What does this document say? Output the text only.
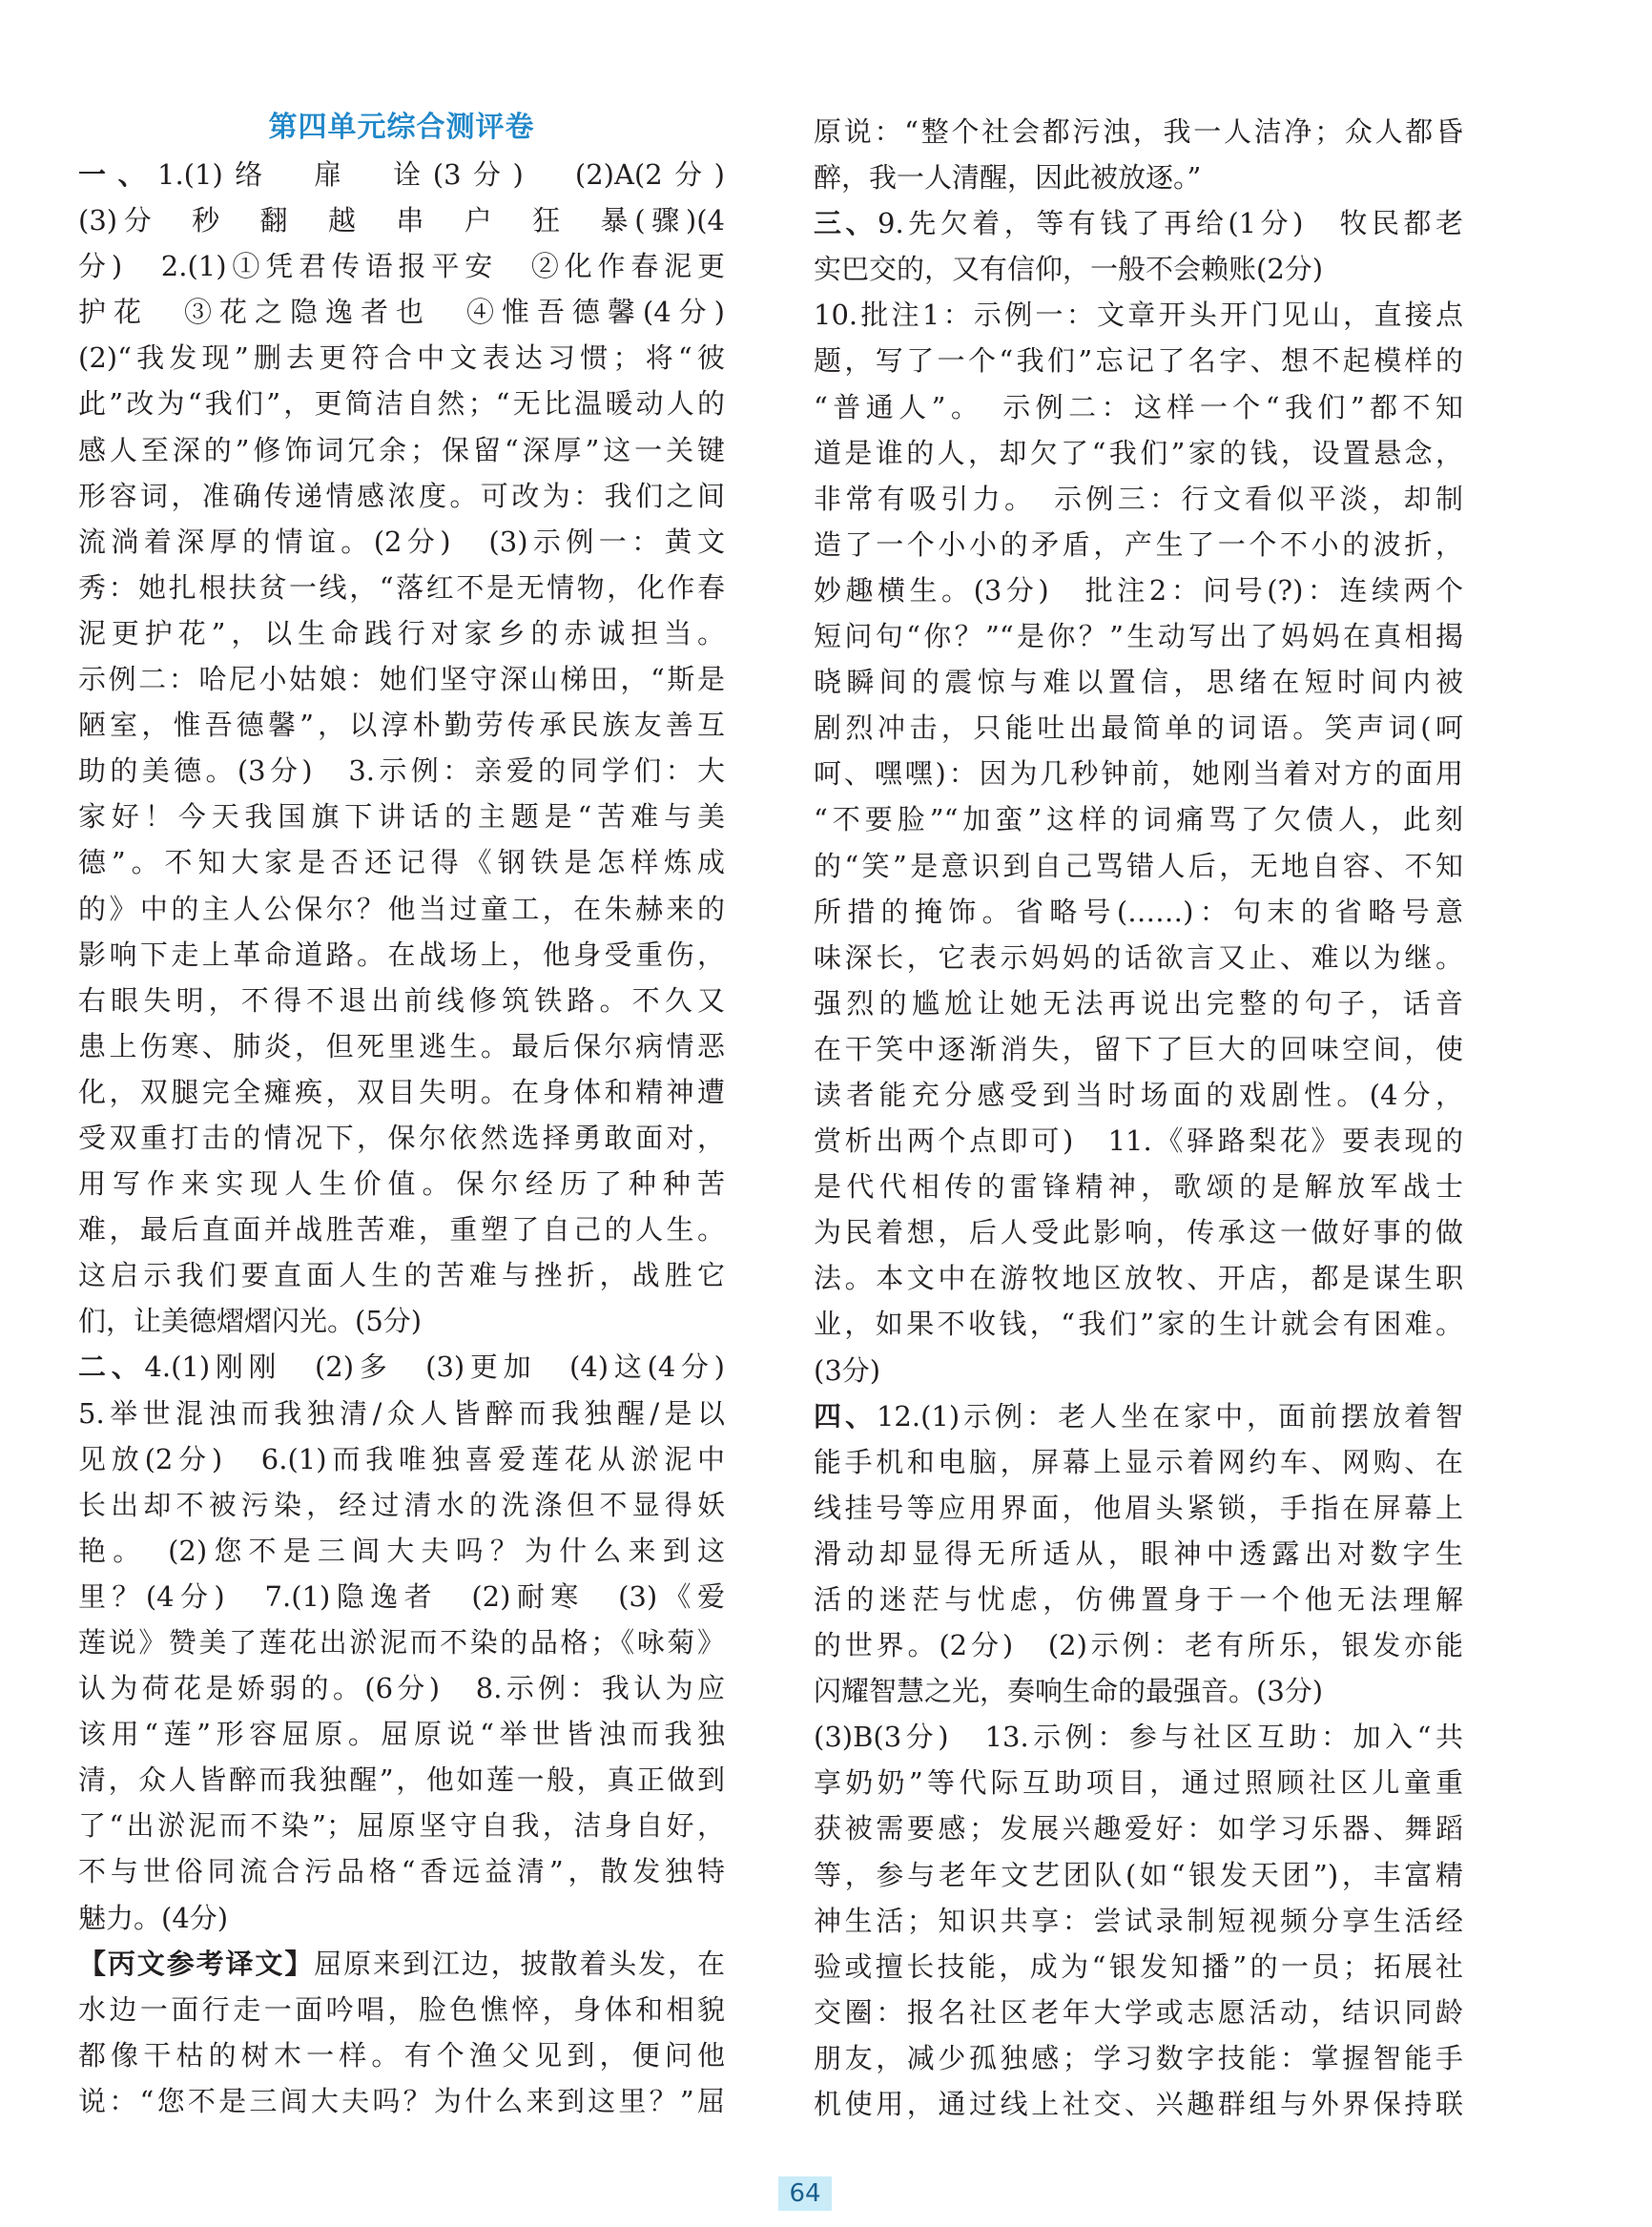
第四单元综合测评卷
一、1.(1)络　扉　诠(3分)　(2)A(2分)
(3)分　秒　翻　越　串　户　狂　暴(骤)(4
分)　2.(1)①凭君传语报平安　②化作春泥更
护花　③花之隐逸者也　④惟吾德馨(4分)
(2)“我发现”删去更符合中文表达习惯；将“彼
此”改为“我们”，更简洁自然；“无比温暖动人的
感人至深的”修饰词冗余；保留“深厚”这一关键
形容词，准确传递情感浓度。可改为：我们之间
流淌着深厚的情谊。(2分)　(3)示例一：黄文
秀：她扎根扶贫一线，“落红不是无情物，化作春
泥更护花”，以生命践行对家乡的赤诚担当。
示例二：哈尼小姑娘：她们坚守深山梯田，“斯是
陋室，惟吾德馨”，以淳朴勤劳传承民族友善互
助的美德。(3分)　3.示例：亲爱的同学们：大
家好！今天我国旗下讲话的主题是“苦难与美
德”。不知大家是否还记得《钢铁是怎样炼成
的》中的主人公保尔？他当过童工，在朱赫来的
影响下走上革命道路。在战场上，他身受重伤，
右眼失明，不得不退出前线修筑铁路。不久又
患上伤寒、肺炎，但死里逃生。最后保尔病情恶
化，双腿完全瘫痪，双目失明。在身体和精神遭
受双重打击的情况下，保尔依然选择勇敢面对，
用写作来实现人生价值。保尔经历了种种苦
难，最后直面并战胜苦难，重塑了自己的人生。
这启示我们要直面人生的苦难与挫折，战胜它
们，让美德熠熠闪光。(5分)
二、4.(1)刚刚　(2)多　(3)更加　(4)这(4分)
5.举世混浊而我独清/众人皆醉而我独醒/是以
见放(2分)　6.(1)而我唯独喜爱莲花从淤泥中
长出却不被污染，经过清水的洗涤但不显得妖
艳。　(2)您不是三闾大夫吗？为什么来到这
里？(4分)　7.(1)隐逸者　(2)耐寒　(3)《爱
莲说》赞美了莲花出淤泥而不染的品格；《咏菊》
认为荷花是娇弱的。(6分)　8.示例：我认为应
该用“莲”形容屈原。屈原说“举世皆浊而我独
清，众人皆醉而我独醒”，他如莲一般，真正做到
了“出淤泥而不染”；屈原坚守自我，洁身自好，
不与世俗同流合污品格“香远益清”，散发独特
魅力。(4分)
【丙文参考译文】屈原来到江边，披散着头发，在
水边一面行走一面吟唱，脸色憔悴，身体和相貌
都像干枯的树木一样。有个渔父见到，便问他
说：“您不是三闾大夫吗？为什么来到这里？”屈
原说：“整个社会都污浊，我一人洁净；众人都昏
醉，我一人清醒，因此被放逐。”
三、9.先欠着，等有钱了再给(1分)　牧民都老
实巴交的，又有信仰，一般不会赖账(2分)
10.批注1：示例一：文章开头开门见山，直接点
题，写了一个“我们”忘记了名字、想不起模样的
“普通人”。　示例二：这样一个“我们”都不知
道是谁的人，却欠了“我们”家的钱，设置悬念，
非常有吸引力。　示例三：行文看似平淡，却制
造了一个小小的矛盾，产生了一个不小的波折，
妙趣横生。(3分)　批注2：问号(?)：连续两个
短问句“你？”“是你？”生动写出了妈妈在真相揭
晓瞬间的震惊与难以置信，思绪在短时间内被
剧烈冲击，只能吐出最简单的词语。笑声词(呵
呵、嘿嘿)：因为几秒钟前，她刚当着对方的面用
“不要脸”“加蛮”这样的词痛骂了欠债人，此刻
的“笑”是意识到自己骂错人后，无地自容、不知
所措的掩饰。省略号(……)：句末的省略号意
味深长，它表示妈妈的话欲言又止、难以为继。
强烈的尴尬让她无法再说出完整的句子，话音
在干笑中逐渐消失，留下了巨大的回味空间，使
读者能充分感受到当时场面的戏剧性。(4分，
赏析出两个点即可)　11.《驿路梨花》要表现的
是代代相传的雷锋精神，歌颂的是解放军战士
为民着想，后人受此影响，传承这一做好事的做
法。本文中在游牧地区放牧、开店，都是谋生职
业，如果不收钱，“我们”家的生计就会有困难。
(3分)
四、12.(1)示例：老人坐在家中，面前摆放着智
能手机和电脑，屏幕上显示着网约车、网购、在
线挂号等应用界面，他眉头紧锁，手指在屏幕上
滑动却显得无所适从，眼神中透露出对数字生
活的迷茫与忧虑，仿佛置身于一个他无法理解
的世界。(2分)　(2)示例：老有所乐，银发亦能
闪耀智慧之光，奏响生命的最强音。(3分)
(3)B(3分)　13.示例：参与社区互助：加入“共
享奶奶”等代际互助项目，通过照顾社区儿童重
获被需要感；发展兴趣爱好：如学习乐器、舞蹈
等，参与老年文艺团队(如“银发天团”)，丰富精
神生活；知识共享：尝试录制短视频分享生活经
验或擅长技能，成为“银发知播”的一员；拓展社
交圈：报名社区老年大学或志愿活动，结识同龄
朋友，减少孤独感；学习数字技能：掌握智能手
机使用，通过线上社交、兴趣群组与外界保持联
64
